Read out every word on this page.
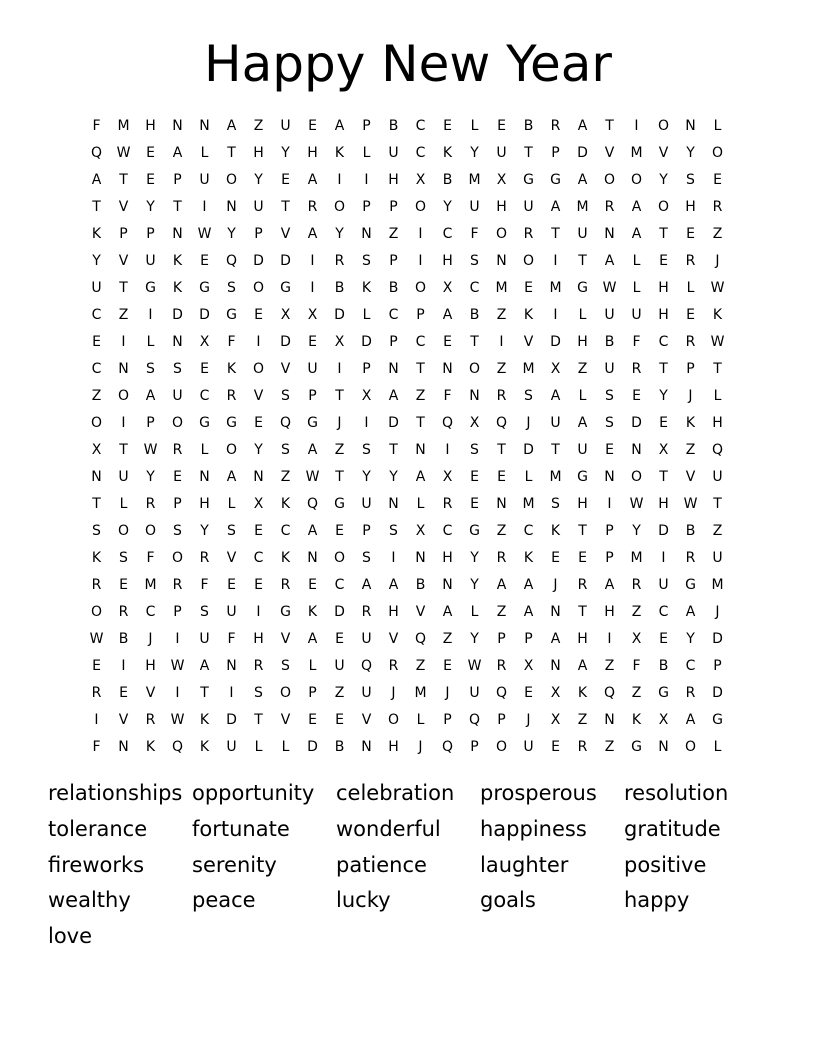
Happy New Year
F	M	H	N	N	A	Z	U	E	A	P	B	C	E	L	E	B	R	A	T	I	O	N	L
Q	W	E	A	L	T	H	Y	H	K	L	U	C	K	Y	U	T	P	D	V	M	V	Y	O
A	T	E	P	U	O	Y	E	A	I	I	H	X	B	M	X	G	G	A	O	O	Y	S	E
T	V	Y	T	I	N	U	T	R	O	P	P	O	Y	U	H	U	A	M	R	A	O	H	R
K	P	P	N	W	Y	P	V	A	Y	N	Z	I	C	F	O	R	T	U	N	A	T	E	Z
Y	V	U	K	E	Q	D	D	I	R	S	P	I	H	S	N	O	I	T	A	L	E	R	J
U	T	G	K	G	S	O	G	I	B	K	B	O	X	C	M	E	M	G	W	L	H	L	W
C	Z	I	D	D	G	E	X	X	D	L	C	P	A	B	Z	K	I	L	U	U	H	E	K
E	I	L	N	X	F	I	D	E	X	D	P	C	E	T	I	V	D	H	B	F	C	R	W
C	N	S	S	E	K	O	V	U	I	P	N	T	N	O	Z	M	X	Z	U	R	T	P	T
Z	O	A	U	C	R	V	S	P	T	X	A	Z	F	N	R	S	A	L	S	E	Y	J	L
O	I	P	O	G	G	E	Q	G	J	I	D	T	Q	X	Q	J	U	A	S	D	E	K	H
X	T	W	R	L	O	Y	S	A	Z	S	T	N	I	S	T	D	T	U	E	N	X	Z	Q
N	U	Y	E	N	A	N	Z	W	T	Y	Y	A	X	E	E	L	M	G	N	O	T	V	U
T	L	R	P	H	L	X	K	Q	G	U	N	L	R	E	N	M	S	H	I	W	H	W	T
S	O	O	S	Y	S	E	C	A	E	P	S	X	C	G	Z	C	K	T	P	Y	D	B	Z
K	S	F	O	R	V	C	K	N	O	S	I	N	H	Y	R	K	E	E	P	M	I	R	U
R	E	M	R	F	E	E	R	E	C	A	A	B	N	Y	A	A	J	R	A	R	U	G	M
O	R	C	P	S	U	I	G	K	D	R	H	V	A	L	Z	A	N	T	H	Z	C	A	J
W	B	J	I	U	F	H	V	A	E	U	V	Q	Z	Y	P	P	A	H	I	X	E	Y	D
E	I	H	W	A	N	R	S	L	U	Q	R	Z	E	W	R	X	N	A	Z	F	B	C	P
R	E	V	I	T	I	S	O	P	Z	U	J	M	J	U	Q	E	X	K	Q	Z	G	R	D
I	V	R	W	K	D	T	V	E	E	V	O	L	P	Q	P	J	X	Z	N	K	X	A	G
F	N	K	Q	K	U	L	L	D	B	N	H	J	Q	P	O	U	E	R	Z	G	N	O	L
relationships opportunity	celebration	prosperous	resolution
tolerance	fortunate	wonderful	happiness	gratitude
fireworks	serenity	patience	laughter	positive
wealthy	peace	lucky	goals	happy
love
